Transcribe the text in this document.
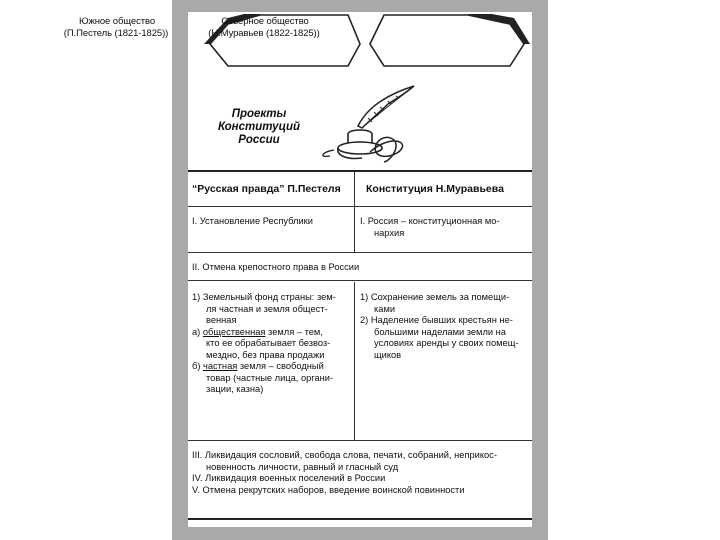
Южное общество
(П.Пестель (1821-1825))
Северное общество
(Н.Муравьев (1822-1825))
Проекты
Конституций
России
“Русская правда” П.Пестеля Конституция Н.Муравьева
I. Установление Республики	I. Россия – конституционная мо-
нархия
II. Отмена крепостного права в России
1) Земельный фонд страны: зем-
ля частная и земля общест-
венная
а) общественная земля – тем,
кто ее обрабатывает безвоз-
мездно, без права продажи
б) частная земля – свободный
товар (частные лица, органи-
зации, казна)
1) Сохранение земель за помещи-
ками
2) Наделение бывших крестьян не-
большими наделами земли на
условиях аренды у своих помещ-
щиков
III. Ликвидация сословий, свобода слова, печати, собраний, неприкос-
новенность личности, равный и гласный суд
IV. Ликвидация военных поселений в России
V. Отмена рекрутских наборов, введение воинской повинности
